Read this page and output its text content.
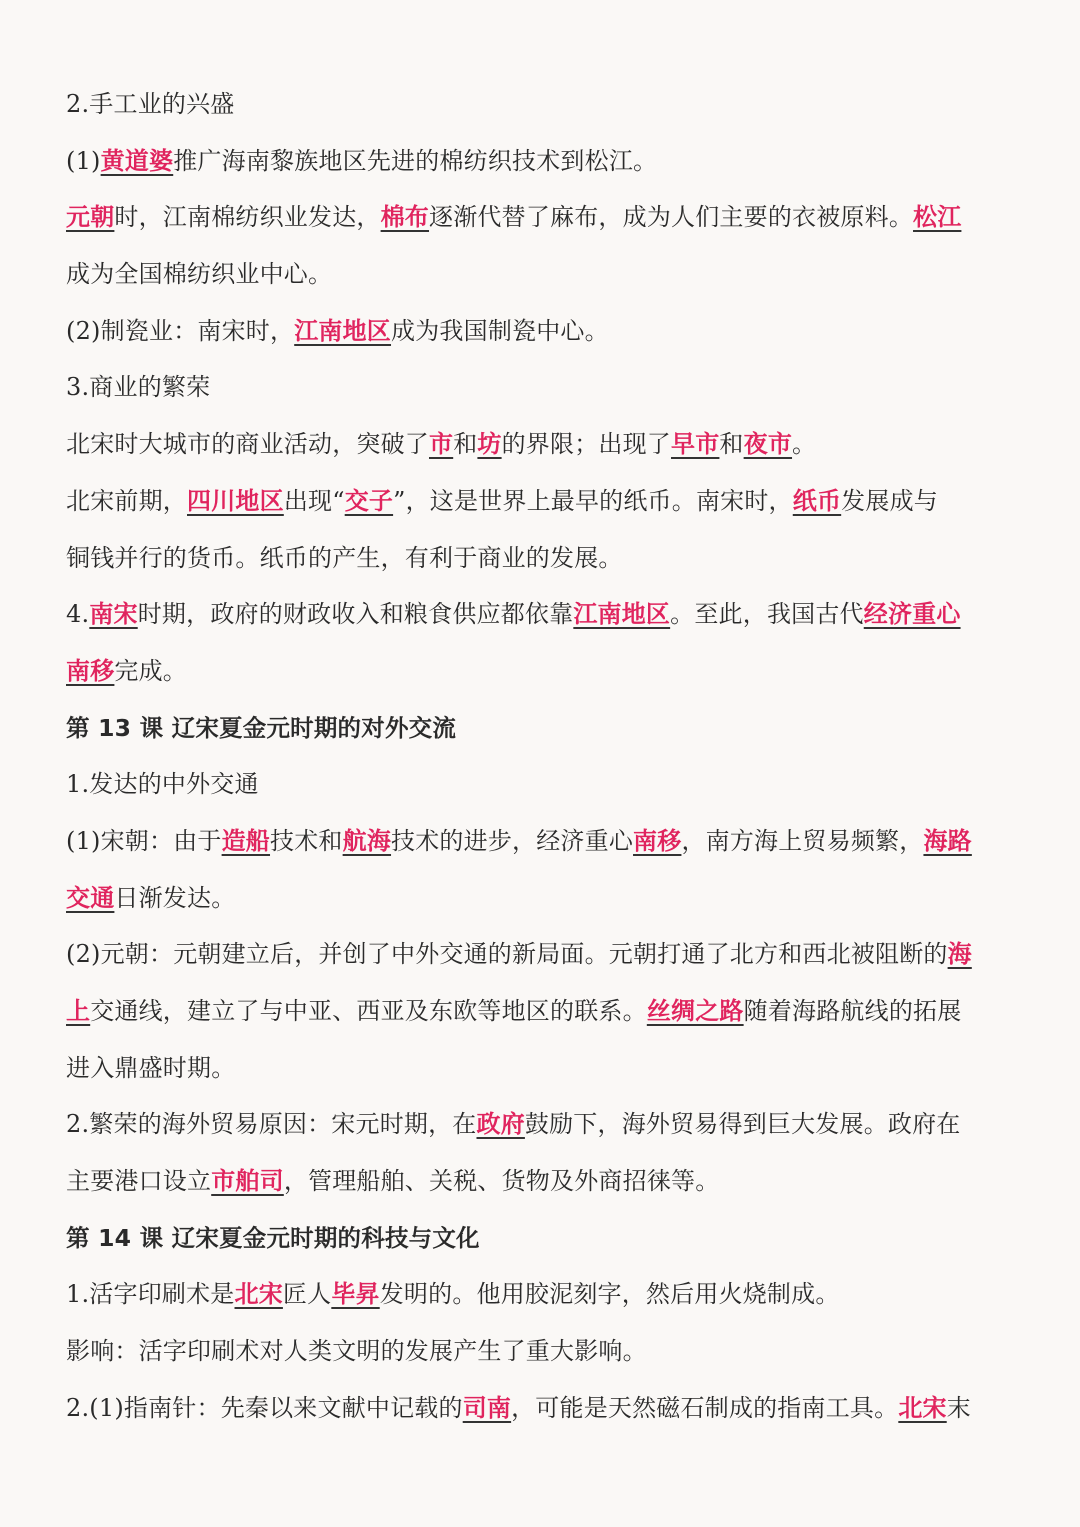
2.手工业的兴盛
(1)黄道婆推广海南黎族地区先进的棉纺织技术到松江。
元朝时，江南棉纺织业发达，棉布逐渐代替了麻布，成为人们主要的衣被原料。松江
成为全国棉纺织业中心。
(2)制瓷业：南宋时，江南地区成为我国制瓷中心。
3.商业的繁荣
北宋时大城市的商业活动，突破了市和坊的界限；出现了早市和夜市。
北宋前期，四川地区出现“交子”，这是世界上最早的纸币。南宋时，纸币发展成与
铜钱并行的货币。纸币的产生，有利于商业的发展。
4.南宋时期，政府的财政收入和粮食供应都依靠江南地区。至此，我国古代经济重心
南移完成。
第 13 课 辽宋夏金元时期的对外交流
1.发达的中外交通
(1)宋朝：由于造船技术和航海技术的进步，经济重心南移，南方海上贸易频繁，海路
交通日渐发达。
(2)元朝：元朝建立后，并创了中外交通的新局面。元朝打通了北方和西北被阻断的海
上交通线，建立了与中亚、西亚及东欧等地区的联系。丝绸之路随着海路航线的拓展
进入鼎盛时期。
2.繁荣的海外贸易原因：宋元时期，在政府鼓励下，海外贸易得到巨大发展。政府在
主要港口设立市舶司，管理船舶、关税、货物及外商招徕等。
第 14 课 辽宋夏金元时期的科技与文化
1.活字印刷术是北宋匠人毕昇发明的。他用胶泥刻字，然后用火烧制成。
影响：活字印刷术对人类文明的发展产生了重大影响。
2.(1)指南针：先秦以来文献中记载的司南，可能是天然磁石制成的指南工具。北宋末
